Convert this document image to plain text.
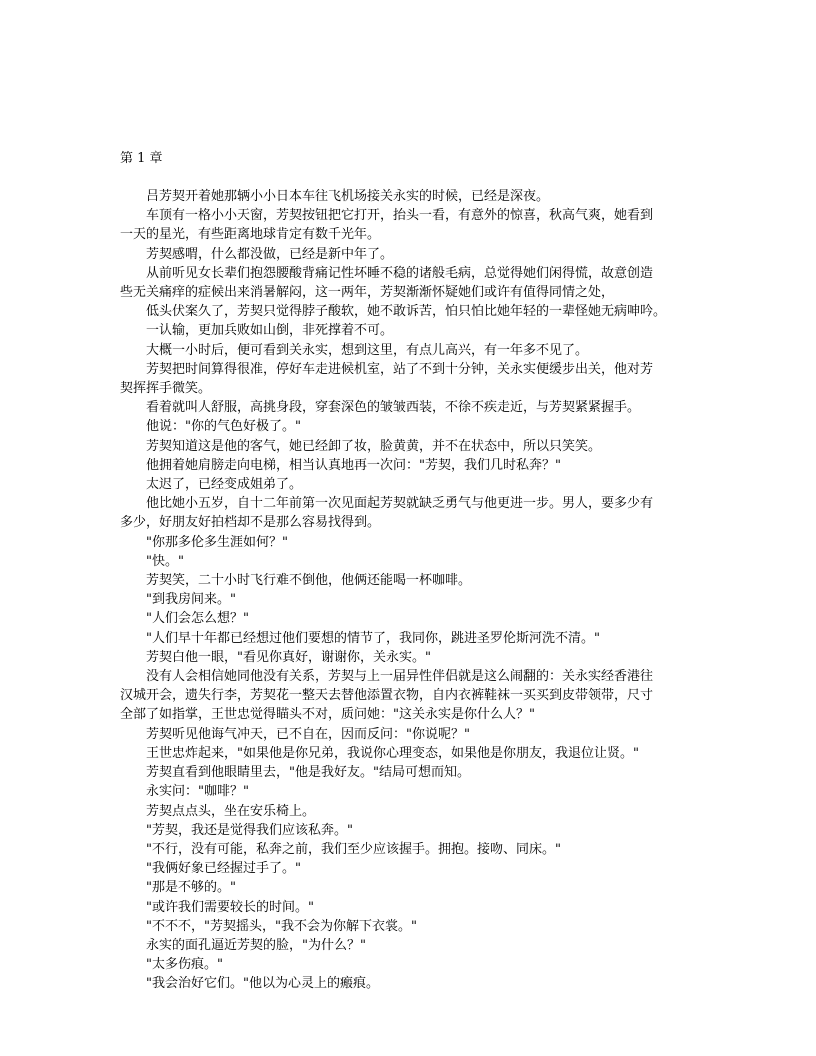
第 1 章

吕芳契开着她那辆小小日本车往飞机场接关永实的时候，已经是深夜。

车顶有一格小小天窗，芳契按钮把它打开，抬头一看，有意外的惊喜，秋高气爽，她看到
一天的星光，有些距离地球肯定有数千光年。

芳契感喟，什么都没做，已经是新中年了。

从前听见女长辈们抱怨腰酸背痛记性坏睡不稳的诸般毛病，总觉得她们闲得慌，故意创造
些无关痛痒的症候出来消暑解闷，这一两年，芳契渐渐怀疑她们或许有值得同情之处，

低头伏案久了，芳契只觉得脖子酸软，她不敢诉苦，怕只怕比她年轻的一辈怪她无病呻吟。

一认输，更加兵败如山倒，非死撑着不可。

大概一小时后，便可看到关永实，想到这里，有点儿高兴，有一年多不见了。

芳契把时间算得很准，停好车走进候机室，站了不到十分钟，关永实便缓步出关，他对芳
契挥挥手微笑。

看着就叫人舒服，高挑身段，穿套深色的皱皱西装，不徐不疾走近，与芳契紧紧握手。

他说："你的气色好极了。"

芳契知道这是他的客气，她已经卸了妆，脸黄黄，并不在状态中，所以只笑笑。

他拥着她肩膀走向电梯，相当认真地再一次问："芳契，我们几时私奔？"

太迟了，已经变成姐弟了。

他比她小五岁，自十二年前第一次见面起芳契就缺乏勇气与他更进一步。男人，要多少有
多少，好朋友好拍档却不是那么容易找得到。

"你那多伦多生涯如何？"

"快。"

芳契笑，二十小时飞行难不倒他，他俩还能喝一杯咖啡。

"到我房间来。"

"人们会怎么想？"

"人们早十年都已经想过他们要想的情节了，我同你，跳进圣罗伦斯河洗不清。"

芳契白他一眼，"看见你真好，谢谢你，关永实。"

没有人会相信她同他没有关系，芳契与上一届异性伴侣就是这么闹翻的：关永实经香港往
汉城开会，遗失行李，芳契花一整天去替他添置衣物，自内衣裤鞋袜一买买到皮带领带，尺寸
全部了如指掌，王世忠觉得瞄头不对，质问她："这关永实是你什么人？"

芳契听见他诲气冲天，已不自在，因而反问："你说呢？"

王世忠炸起来，"如果他是你兄弟，我说你心理变态，如果他是你朋友，我退位让贤。"

芳契直看到他眼睛里去，"他是我好友。"结局可想而知。

永实问："咖啡？"

芳契点点头，坐在安乐椅上。

"芳契，我还是觉得我们应该私奔。"

"不行，没有可能，私奔之前，我们至少应该握手。拥抱。接吻、同床。"

"我俩好象已经握过手了。"

"那是不够的。"

"或许我们需要较长的时间。"

"不不不，"芳契摇头，"我不会为你解下衣裳。"

永实的面孔逼近芳契的脸，"为什么？"

"太多伤痕。"

"我会治好它们。"他以为心灵上的瘢痕。
